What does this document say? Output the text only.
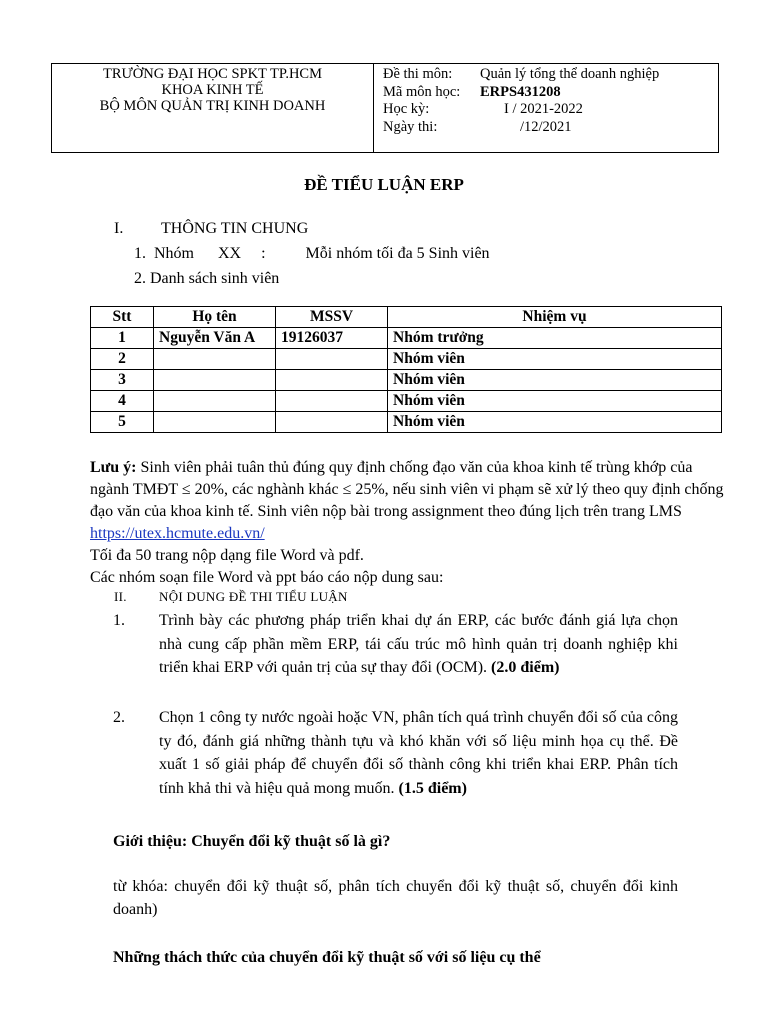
TRƯỜNG ĐẠI HỌC SPKT TP.HCM
KHOA KINH TẾ
BỘ MÔN QUẢN TRỊ KINH DOANH
Đề thi môn:	Quản lý tổng thể doanh nghiệp
Mã môn học:	ERPS431208
Học kỳ:	I / 2021-2022
Ngày thi:	/12/2021
ĐỀ TIỂU LUẬN ERP
I. THÔNG TIN CHUNG
1.  Nhóm      XX     :          Mỗi nhóm tối đa 5 Sinh viên
2. Danh sách sinh viên
Stt	Họ tên	MSSV	Nhiệm vụ
1	Nguyễn Văn A	19126037	Nhóm trưởng
2			Nhóm viên
3			Nhóm viên
4			Nhóm viên
5			Nhóm viên
Lưu ý: Sinh viên phải tuân thủ đúng quy định chống đạo văn của khoa kinh tế trùng khớp của ngành TMĐT ≤ 20%, các nghành khác ≤ 25%, nếu sinh viên vi phạm sẽ xử lý theo quy định chống đạo văn của khoa kinh tế. Sinh viên nộp bài trong assignment theo đúng lịch trên trang LMS https://utex.hcmute.edu.vn/
Tối đa 50 trang nộp dạng file Word và pdf.
Các nhóm soạn file Word và ppt báo cáo nộp dung sau:
II. NỘI DUNG ĐỀ THI TIỂU LUẬN
1. Trình bày các phương pháp triển khai dự án ERP, các bước đánh giá lựa chọn nhà cung cấp phần mềm ERP, tái cấu trúc mô hình quản trị doanh nghiệp khi triển khai ERP với quản trị của sự thay đổi (OCM). (2.0 điểm)
2. Chọn 1 công ty nước ngoài hoặc VN, phân tích quá trình chuyển đổi số của công ty đó, đánh giá những thành tựu và khó khăn với số liệu minh họa cụ thể. Đề xuất 1 số giải pháp để chuyển đổi số thành công khi triển khai ERP. Phân tích tính khả thi và hiệu quả mong muốn. (1.5 điểm)
Giới thiệu: Chuyển đổi kỹ thuật số là gì?
từ khóa: chuyển đổi kỹ thuật số, phân tích chuyển đổi kỹ thuật số, chuyển đổi kinh doanh)
Những thách thức của chuyển đổi kỹ thuật số với số liệu cụ thể
